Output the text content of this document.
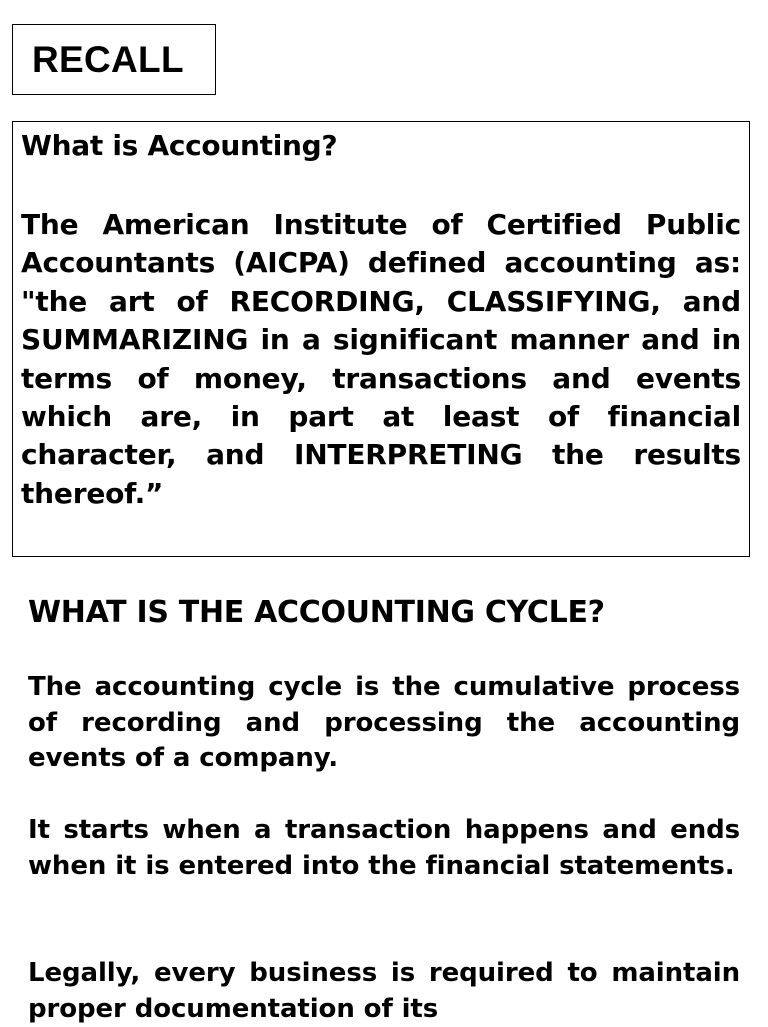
RECALL
What is Accounting?

The American Institute of Certified Public Accountants (AICPA) defined accounting as: "the art of RECORDING, CLASSIFYING, and SUMMARIZING in a significant manner and in terms of money, transactions and events which are, in part at least of financial character, and INTERPRETING the results thereof.”

WHAT IS THE ACCOUNTING CYCLE?

The accounting cycle is the cumulative process of recording and processing the accounting events of a company.

It starts when a transaction happens and ends when it is entered into the financial statements.

Legally, every business is required to maintain proper documentation of its
